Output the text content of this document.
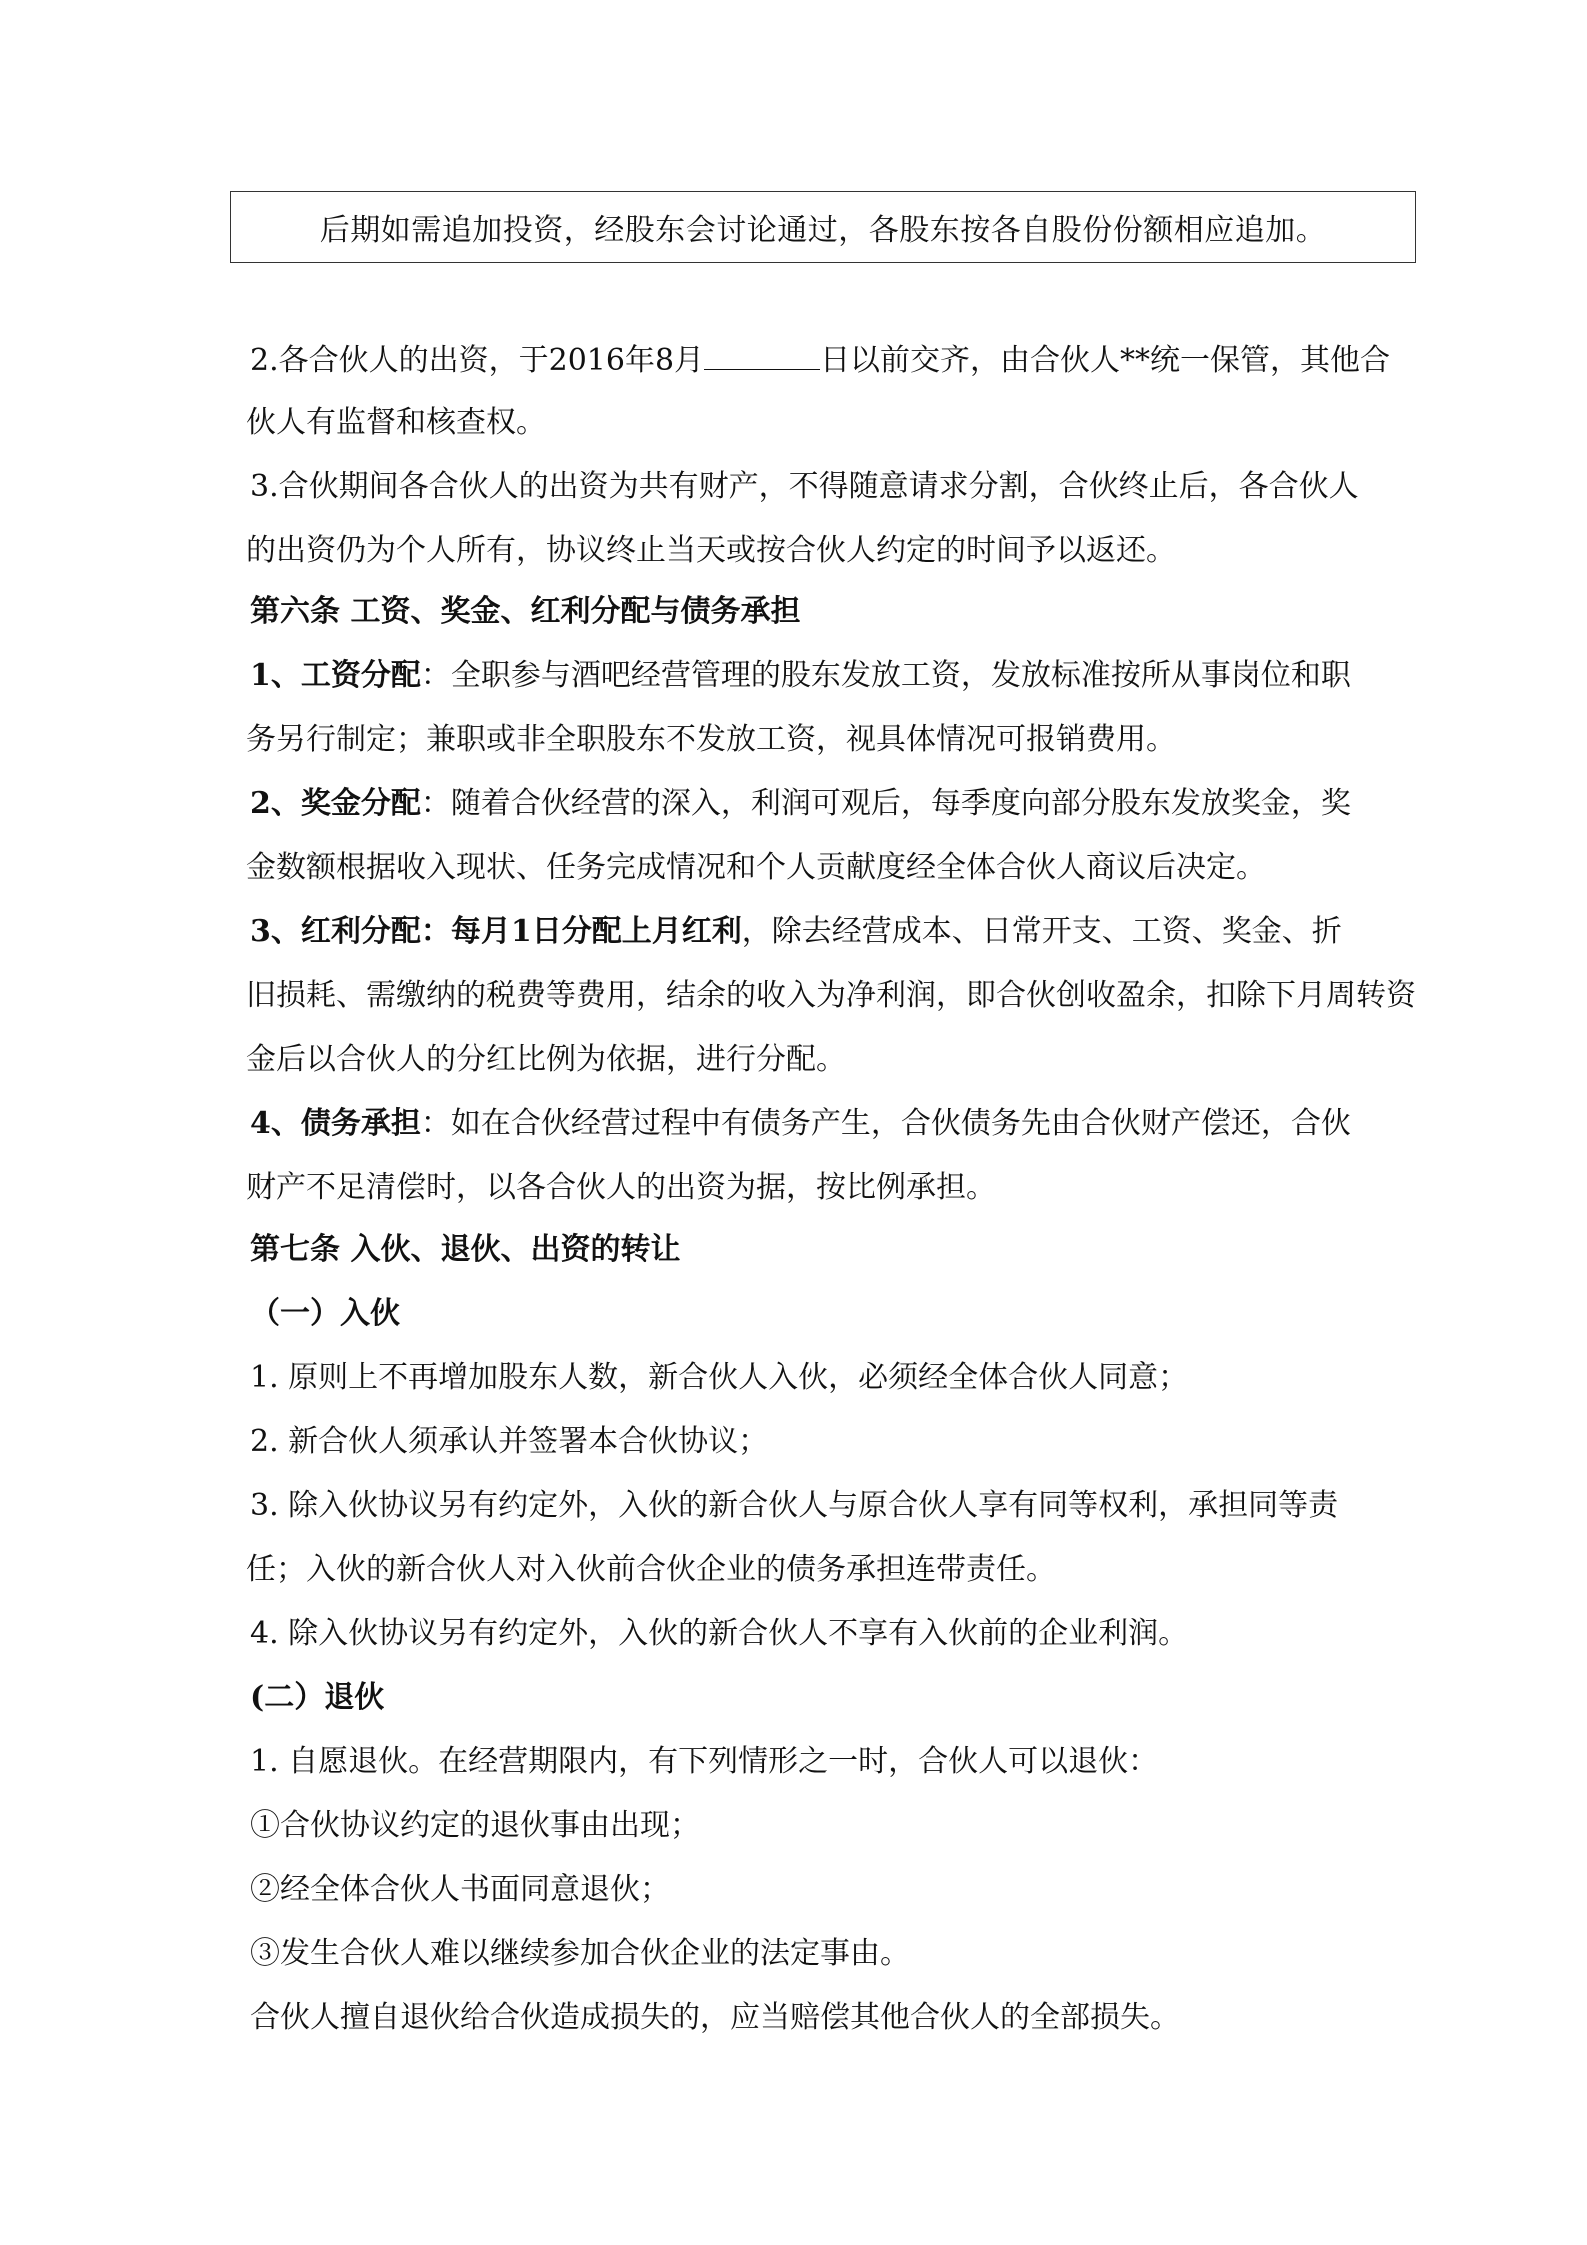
后期如需追加投资，经股东会讨论通过，各股东按各自股份份额相应追加。
2.各合伙人的出资，于2016年8月	日以前交齐，由合伙人**统一保管，其他合
伙人有监督和核查权。
3.合伙期间各合伙人的出资为共有财产，不得随意请求分割，合伙终止后，各合伙人
的出资仍为个人所有，协议终止当天或按合伙人约定的时间予以返还。
第六条 工资、奖金、红利分配与债务承担
1、工资分配：全职参与酒吧经营管理的股东发放工资，发放标准按所从事岗位和职
务另行制定；兼职或非全职股东不发放工资，视具体情况可报销费用。
2、奖金分配：随着合伙经营的深入，利润可观后，每季度向部分股东发放奖金，奖
金数额根据收入现状、任务完成情况和个人贡献度经全体合伙人商议后决定。
3、红利分配：每月1日分配上月红利，除去经营成本、日常开支、工资、奖金、折
旧损耗、需缴纳的税费等费用，结余的收入为净利润，即合伙创收盈余，扣除下月周转资
金后以合伙人的分红比例为依据，进行分配。
4、债务承担：如在合伙经营过程中有债务产生，合伙债务先由合伙财产偿还，合伙
财产不足清偿时，以各合伙人的出资为据，按比例承担。
第七条 入伙、退伙、出资的转让
（一）入伙
1. 原则上不再增加股东人数，新合伙人入伙，必须经全体合伙人同意；
2. 新合伙人须承认并签署本合伙协议；
3. 除入伙协议另有约定外，入伙的新合伙人与原合伙人享有同等权利，承担同等责
任；入伙的新合伙人对入伙前合伙企业的债务承担连带责任。
4. 除入伙协议另有约定外，入伙的新合伙人不享有入伙前的企业利润。
(二）退伙
1. 自愿退伙。在经营期限内，有下列情形之一时，合伙人可以退伙：
①合伙协议约定的退伙事由出现；
②经全体合伙人书面同意退伙；
③发生合伙人难以继续参加合伙企业的法定事由。
合伙人擅自退伙给合伙造成损失的，应当赔偿其他合伙人的全部损失。
